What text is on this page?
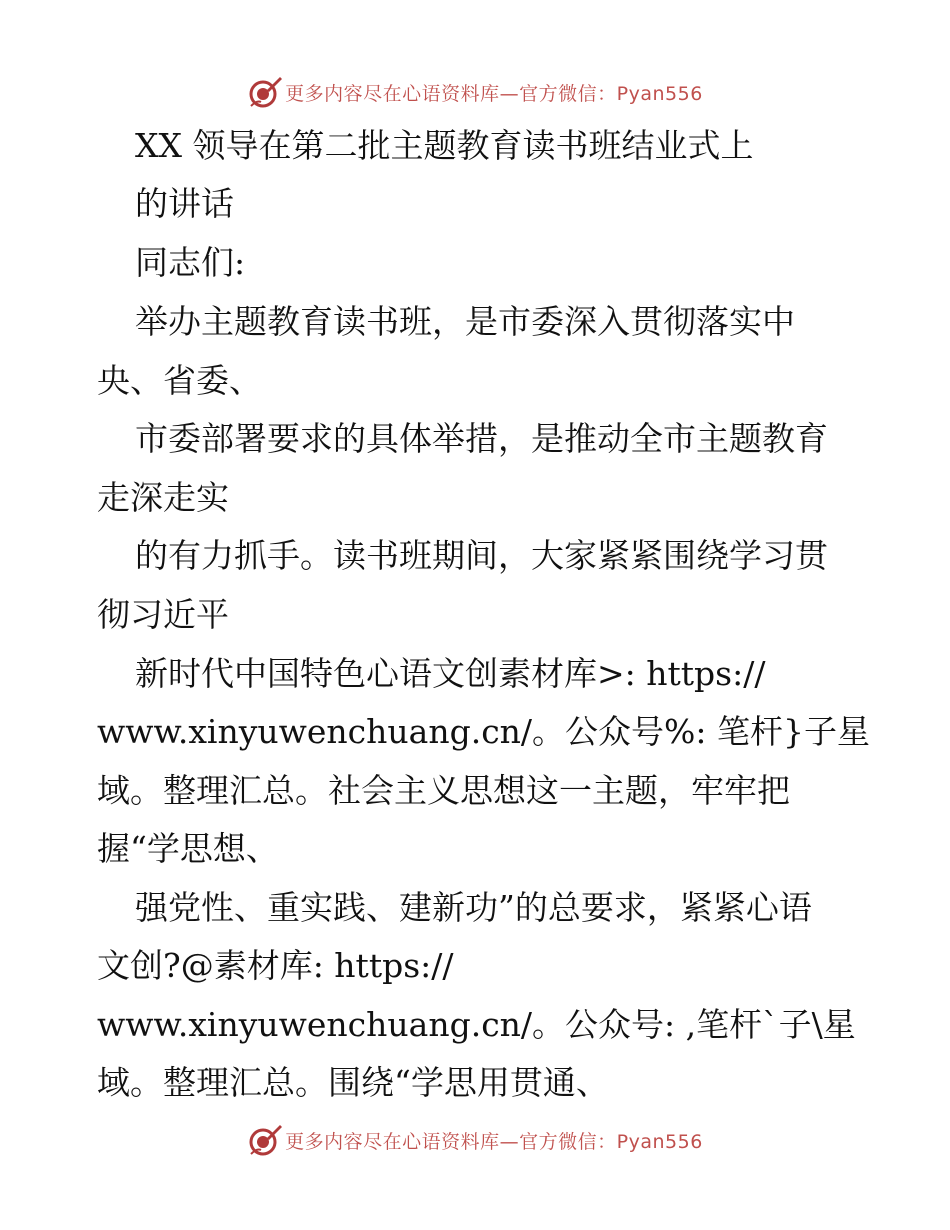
更多内容尽在心语资料库—官方微信：Pyan556
XX 领导在第二批主题教育读书班结业式上
的讲话
同志们:
举办主题教育读书班，是市委深入贯彻落实中
央、省委、
市委部署要求的具体举措，是推动全市主题教育
走深走实
的有力抓手。读书班期间，大家紧紧围绕学习贯
彻习近平
新时代中国特色心语文创素材库>: https://
www.xinyuwenchuang.cn/。公众号%: 笔杆}子星
域。整理汇总。社会主义思想这一主题，牢牢把
握“学思想、
强党性、重实践、建新功”的总要求，紧紧心语
文创?@素材库: https://
www.xinyuwenchuang.cn/。公众号: ,笔杆`子\星
域。整理汇总。围绕“学思用贯通、
更多内容尽在心语资料库—官方微信：Pyan556
